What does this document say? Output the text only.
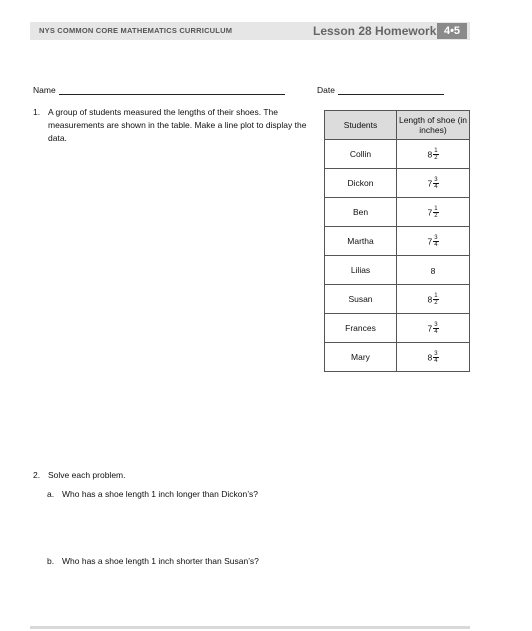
NYS COMMON CORE MATHEMATICS CURRICULUM	Lesson 28 Homework 4•5
Name	Date
1. A group of students measured the lengths of their shoes. The measurements are shown in the table. Make a line plot to display the data.
Students	Length of shoe (in inches)
Collin	$8 \frac{1}{2}$

Dickon	$7 \frac{3}{4}$

Ben	$7 \frac{1}{2}$

Martha	$7 \frac{3}{4}$

Lilias	8
Susan	$8 \frac{1}{2}$

Frances	$7 \frac{3}{4}$

Mary	$8 \frac{3}{4}$
2. Solve each problem.
a. Who has a shoe length 1 inch longer than Dickon’s?
b. Who has a shoe length 1 inch shorter than Susan’s?
